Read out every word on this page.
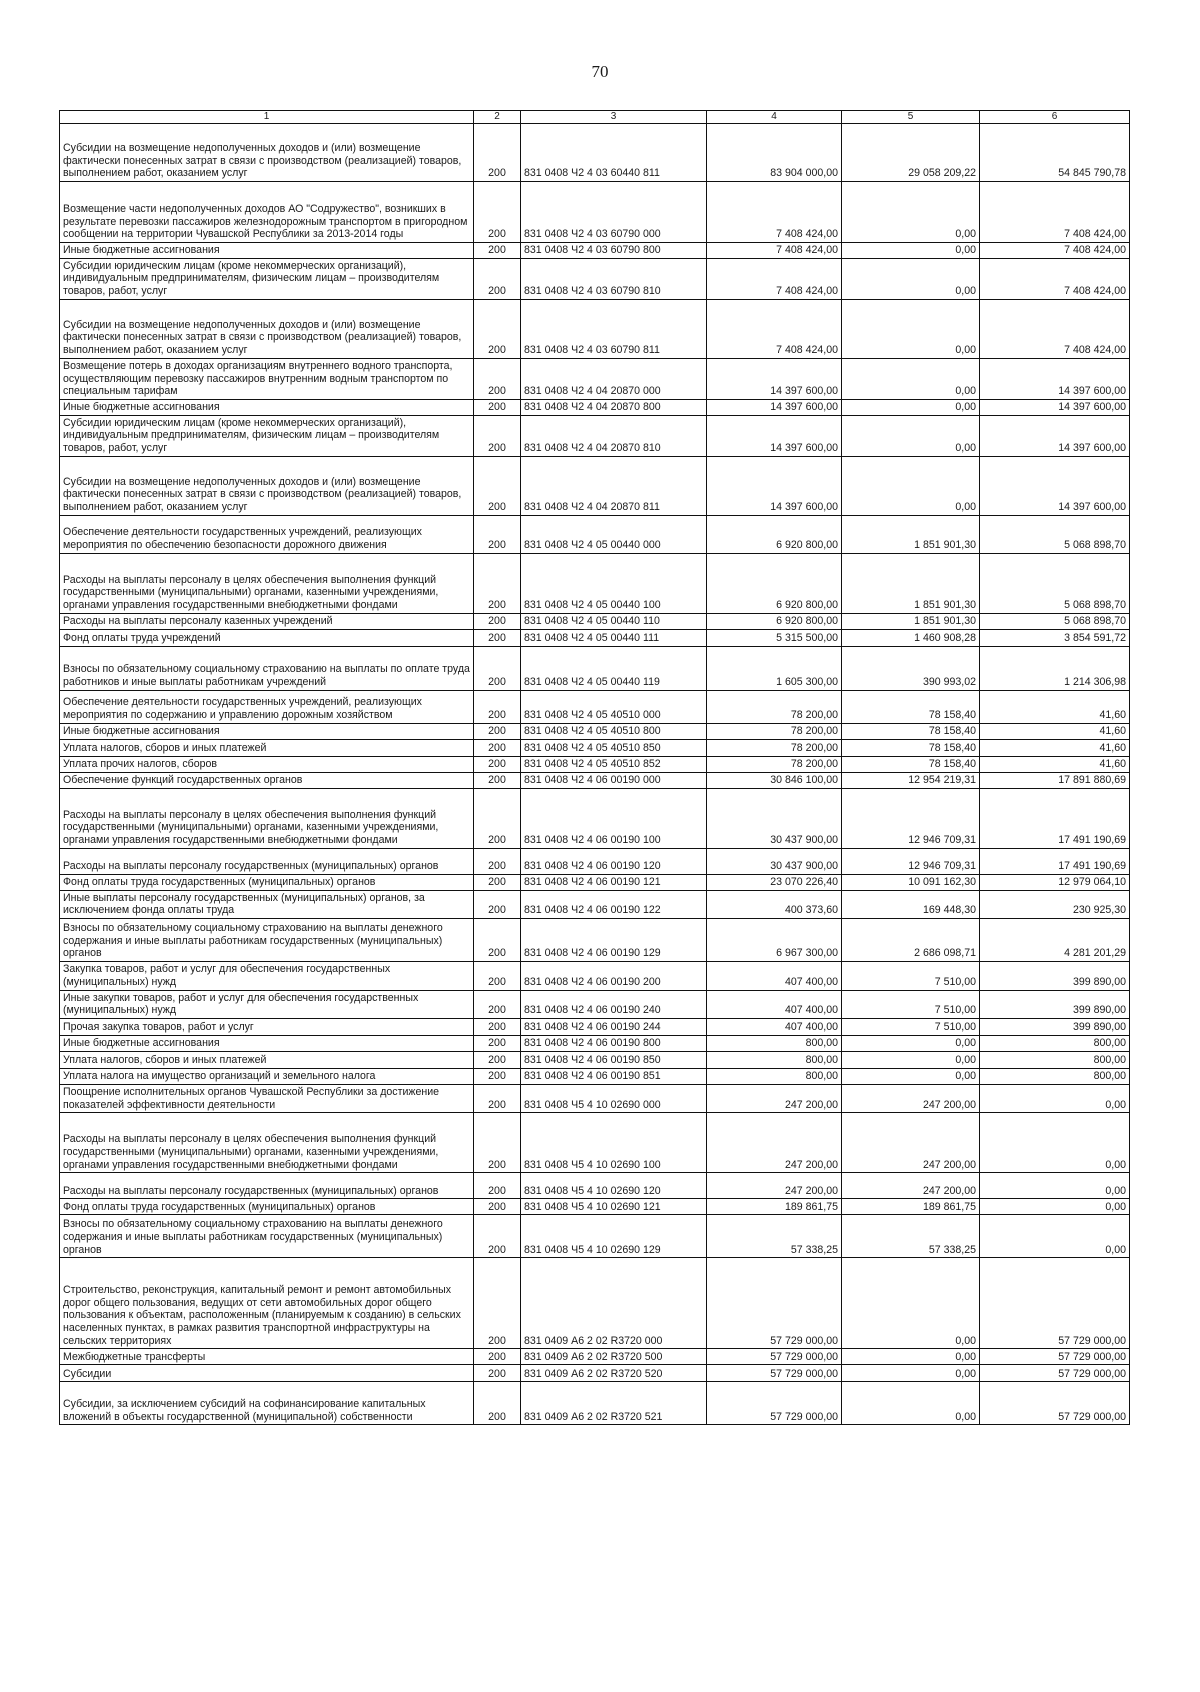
70
1	2	3	4	5	6
Субсидии на возмещение недополученных доходов и (или) возмещение фактически понесенных затрат в связи с производством (реализацией) товаров, выполнением работ, оказанием услуг	200	831 0408 Ч2 4 03 60440 811	83 904 000,00	29 058 209,22	54 845 790,78
Возмещение части недополученных доходов АО "Содружество", возникших в результате перевозки пассажиров железнодорожным транспортом в пригородном сообщении на территории Чувашской Республики за 2013-2014 годы	200	831 0408 Ч2 4 03 60790 000	7 408 424,00	0,00	7 408 424,00
Иные бюджетные ассигнования	200	831 0408 Ч2 4 03 60790 800	7 408 424,00	0,00	7 408 424,00
Субсидии юридическим лицам (кроме некоммерческих организаций), индивидуальным предпринимателям, физическим лицам – производителям товаров, работ, услуг	200	831 0408 Ч2 4 03 60790 810	7 408 424,00	0,00	7 408 424,00
Субсидии на возмещение недополученных доходов и (или) возмещение фактически понесенных затрат в связи с производством (реализацией) товаров, выполнением работ, оказанием услуг	200	831 0408 Ч2 4 03 60790 811	7 408 424,00	0,00	7 408 424,00
Возмещение потерь в доходах организациям внутреннего водного транспорта, осуществляющим перевозку пассажиров внутренним водным транспортом по специальным тарифам	200	831 0408 Ч2 4 04 20870 000	14 397 600,00	0,00	14 397 600,00
Иные бюджетные ассигнования	200	831 0408 Ч2 4 04 20870 800	14 397 600,00	0,00	14 397 600,00
Субсидии юридическим лицам (кроме некоммерческих организаций), индивидуальным предпринимателям, физическим лицам – производителям товаров, работ, услуг	200	831 0408 Ч2 4 04 20870 810	14 397 600,00	0,00	14 397 600,00
Субсидии на возмещение недополученных доходов и (или) возмещение фактически понесенных затрат в связи с производством (реализацией) товаров, выполнением работ, оказанием услуг	200	831 0408 Ч2 4 04 20870 811	14 397 600,00	0,00	14 397 600,00
Обеспечение деятельности государственных учреждений, реализующих мероприятия по обеспечению безопасности дорожного движения	200	831 0408 Ч2 4 05 00440 000	6 920 800,00	1 851 901,30	5 068 898,70
Расходы на выплаты персоналу в целях обеспечения выполнения функций государственными (муниципальными) органами, казенными учреждениями, органами управления государственными внебюджетными фондами	200	831 0408 Ч2 4 05 00440 100	6 920 800,00	1 851 901,30	5 068 898,70
Расходы на выплаты персоналу казенных учреждений	200	831 0408 Ч2 4 05 00440 110	6 920 800,00	1 851 901,30	5 068 898,70
Фонд оплаты труда учреждений	200	831 0408 Ч2 4 05 00440 111	5 315 500,00	1 460 908,28	3 854 591,72
Взносы по обязательному социальному страхованию на выплаты по оплате труда работников и иные выплаты работникам учреждений	200	831 0408 Ч2 4 05 00440 119	1 605 300,00	390 993,02	1 214 306,98
Обеспечение деятельности государственных учреждений, реализующих мероприятия по содержанию и управлению дорожным хозяйством	200	831 0408 Ч2 4 05 40510 000	78 200,00	78 158,40	41,60
Иные бюджетные ассигнования	200	831 0408 Ч2 4 05 40510 800	78 200,00	78 158,40	41,60
Уплата налогов, сборов и иных платежей	200	831 0408 Ч2 4 05 40510 850	78 200,00	78 158,40	41,60
Уплата прочих налогов, сборов	200	831 0408 Ч2 4 05 40510 852	78 200,00	78 158,40	41,60
Обеспечение функций государственных органов	200	831 0408 Ч2 4 06 00190 000	30 846 100,00	12 954 219,31	17 891 880,69
Расходы на выплаты персоналу в целях обеспечения выполнения функций государственными (муниципальными) органами, казенными учреждениями, органами управления государственными внебюджетными фондами	200	831 0408 Ч2 4 06 00190 100	30 437 900,00	12 946 709,31	17 491 190,69
Расходы на выплаты персоналу государственных (муниципальных) органов	200	831 0408 Ч2 4 06 00190 120	30 437 900,00	12 946 709,31	17 491 190,69
Фонд оплаты труда государственных (муниципальных) органов	200	831 0408 Ч2 4 06 00190 121	23 070 226,40	10 091 162,30	12 979 064,10
Иные выплаты персоналу государственных (муниципальных) органов, за исключением фонда оплаты труда	200	831 0408 Ч2 4 06 00190 122	400 373,60	169 448,30	230 925,30
Взносы по обязательному социальному страхованию на выплаты денежного содержания и иные выплаты работникам государственных (муниципальных) органов	200	831 0408 Ч2 4 06 00190 129	6 967 300,00	2 686 098,71	4 281 201,29
Закупка товаров, работ и услуг для обеспечения государственных (муниципальных) нужд	200	831 0408 Ч2 4 06 00190 200	407 400,00	7 510,00	399 890,00
Иные закупки товаров, работ и услуг для обеспечения государственных (муниципальных) нужд	200	831 0408 Ч2 4 06 00190 240	407 400,00	7 510,00	399 890,00
Прочая закупка товаров, работ и услуг	200	831 0408 Ч2 4 06 00190 244	407 400,00	7 510,00	399 890,00
Иные бюджетные ассигнования	200	831 0408 Ч2 4 06 00190 800	800,00	0,00	800,00
Уплата налогов, сборов и иных платежей	200	831 0408 Ч2 4 06 00190 850	800,00	0,00	800,00
Уплата налога на имущество организаций и земельного налога	200	831 0408 Ч2 4 06 00190 851	800,00	0,00	800,00
Поощрение исполнительных органов Чувашской Республики за достижение показателей эффективности деятельности	200	831 0408 Ч5 4 10 02690 000	247 200,00	247 200,00	0,00
Расходы на выплаты персоналу в целях обеспечения выполнения функций государственными (муниципальными) органами, казенными учреждениями, органами управления государственными внебюджетными фондами	200	831 0408 Ч5 4 10 02690 100	247 200,00	247 200,00	0,00
Расходы на выплаты персоналу государственных (муниципальных) органов	200	831 0408 Ч5 4 10 02690 120	247 200,00	247 200,00	0,00
Фонд оплаты труда государственных (муниципальных) органов	200	831 0408 Ч5 4 10 02690 121	189 861,75	189 861,75	0,00
Взносы по обязательному социальному страхованию на выплаты денежного содержания и иные выплаты работникам государственных (муниципальных) органов	200	831 0408 Ч5 4 10 02690 129	57 338,25	57 338,25	0,00
Строительство, реконструкция, капитальный ремонт и ремонт автомобильных дорог общего пользования, ведущих от сети автомобильных дорог общего пользования к объектам, расположенным (планируемым к созданию) в сельских населенных пунктах, в рамках развития транспортной инфраструктуры на сельских территориях	200	831 0409 А6 2 02 R3720 000	57 729 000,00	0,00	57 729 000,00
Межбюджетные трансферты	200	831 0409 А6 2 02 R3720 500	57 729 000,00	0,00	57 729 000,00
Субсидии	200	831 0409 А6 2 02 R3720 520	57 729 000,00	0,00	57 729 000,00
Субсидии, за исключением субсидий на софинансирование капитальных вложений в объекты государственной (муниципальной) собственности	200	831 0409 А6 2 02 R3720 521	57 729 000,00	0,00	57 729 000,00
